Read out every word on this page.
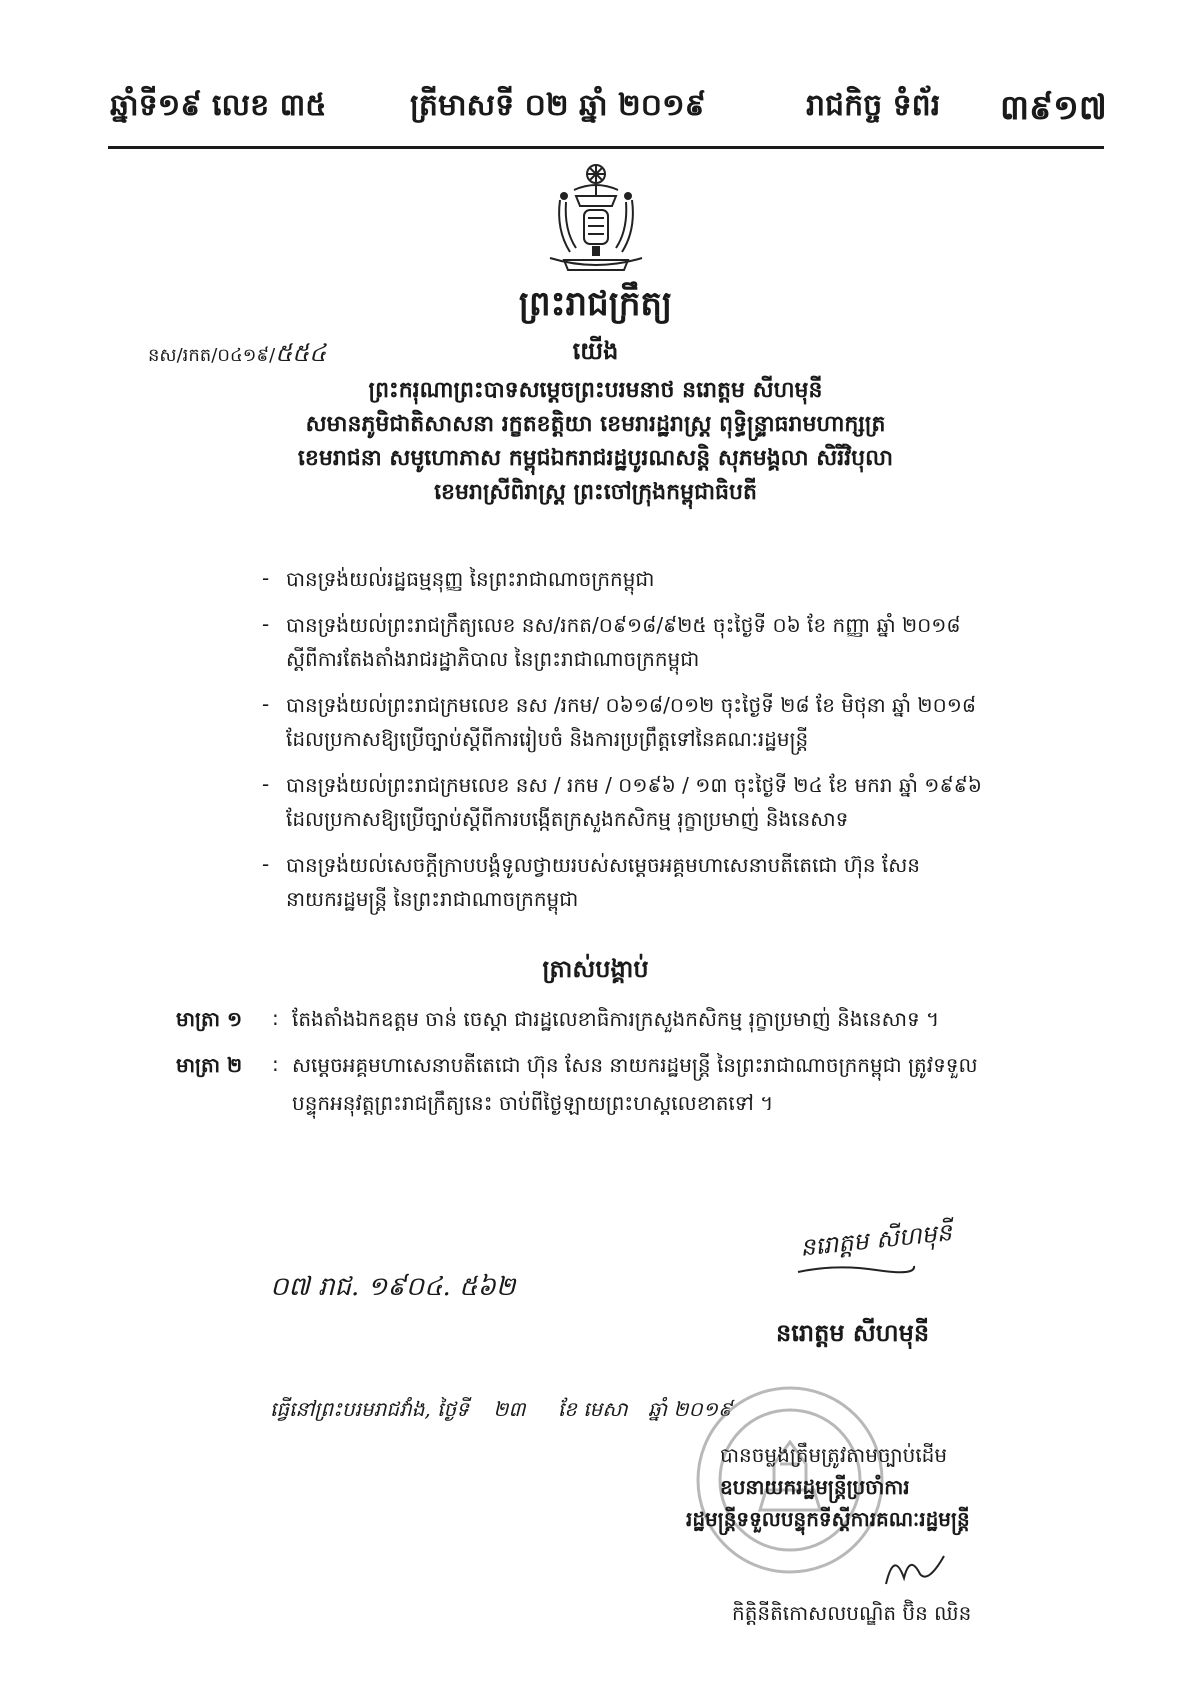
ឆ្នាំទី១៩ លេខ ៣៥	ត្រីមាសទី ០២ ឆ្នាំ ២០១៩	រាជកិច្ច ទំព័រ ៣៩១៧
ព្រះរាជក្រឹត្យ
នស/រកត/០៤១៩/៥៥៤	យើង
ព្រះករុណាព្រះបាទសម្តេចព្រះបរមនាថ នរោត្តម សីហមុនី
សមានភូមិជាតិសាសនា រក្ខតខត្តិយា ខេមរារដ្ឋរាស្ត្រ ពុទ្ធិន្ទ្រាធរាមហាក្សត្រ
ខេមរាជនា សមូហោភាស កម្ពុជឯករាជរដ្ឋបូរណសន្តិ សុភមង្គលា សិរីវិបុលា
ខេមរាស្រីពិរាស្ត្រ ព្រះចៅក្រុងកម្ពុជាធិបតី
- បានទ្រង់យល់រដ្ឋធម្មនុញ្ញ នៃព្រះរាជាណាចក្រកម្ពុជា
- បានទ្រង់យល់ព្រះរាជក្រឹត្យលេខ នស/រកត/០៩១៨/៩២៥ ចុះថ្ងៃទី ០៦ ខែ កញ្ញា ឆ្នាំ ២០១៨
ស្តីពីការតែងតាំងរាជរដ្ឋាភិបាល នៃព្រះរាជាណាចក្រកម្ពុជា
- បានទ្រង់យល់ព្រះរាជក្រមលេខ នស /រកម/ ០៦១៨/០១២ ចុះថ្ងៃទី ២៨ ខែ មិថុនា ឆ្នាំ ២០១៨
ដែលប្រកាសឱ្យប្រើច្បាប់ស្តីពីការរៀបចំ និងការប្រព្រឹត្តទៅនៃគណៈរដ្ឋមន្ត្រី
- បានទ្រង់យល់ព្រះរាជក្រមលេខ នស / រកម / ០១៩៦ / ១៣ ចុះថ្ងៃទី ២៤ ខែ មករា ឆ្នាំ ១៩៩៦
ដែលប្រកាសឱ្យប្រើច្បាប់ស្តីពីការបង្កើតក្រសួងកសិកម្ម រុក្ខាប្រមាញ់ និងនេសាទ
- បានទ្រង់យល់សេចក្តីក្រាបបង្គំទូលថ្វាយរបស់សម្តេចអគ្គមហាសេនាបតីតេជោ ហ៊ុន សែន
នាយករដ្ឋមន្ត្រី នៃព្រះរាជាណាចក្រកម្ពុជា
ត្រាស់បង្គាប់
មាត្រា ១ : តែងតាំងឯកឧត្តម ចាន់ ចេស្តា ជារដ្ឋលេខាធិការក្រសួងកសិកម្ម រុក្ខាប្រមាញ់ និងនេសាទ ។
មាត្រា ២ : សម្តេចអគ្គមហាសេនាបតីតេជោ ហ៊ុន សែន នាយករដ្ឋមន្ត្រី នៃព្រះរាជាណាចក្រកម្ពុជា ត្រូវទទួល
បន្ទុកអនុវត្តព្រះរាជក្រឹត្យនេះ ចាប់ពីថ្ងៃឡាយព្រះហស្តលេខាតទៅ ។
០៧ រាជ. ១៩០៤. ៥៦២
នរោត្តម សីហមុនី
នរោត្តម សីហមុនី
ធ្វើនៅព្រះបរមរាជវាំង, ថ្ងៃទី ២៣ ខែ មេសា ឆ្នាំ ២០១៩
បានចម្លងត្រឹមត្រូវតាមច្បាប់ដើម
ឧបនាយករដ្ឋមន្ត្រីប្រចាំការ
រដ្ឋមន្ត្រីទទួលបន្ទុកទីស្តីការគណៈរដ្ឋមន្ត្រី
កិត្តិនីតិកោសលបណ្ឌិត ប៊ិន ឈិន
